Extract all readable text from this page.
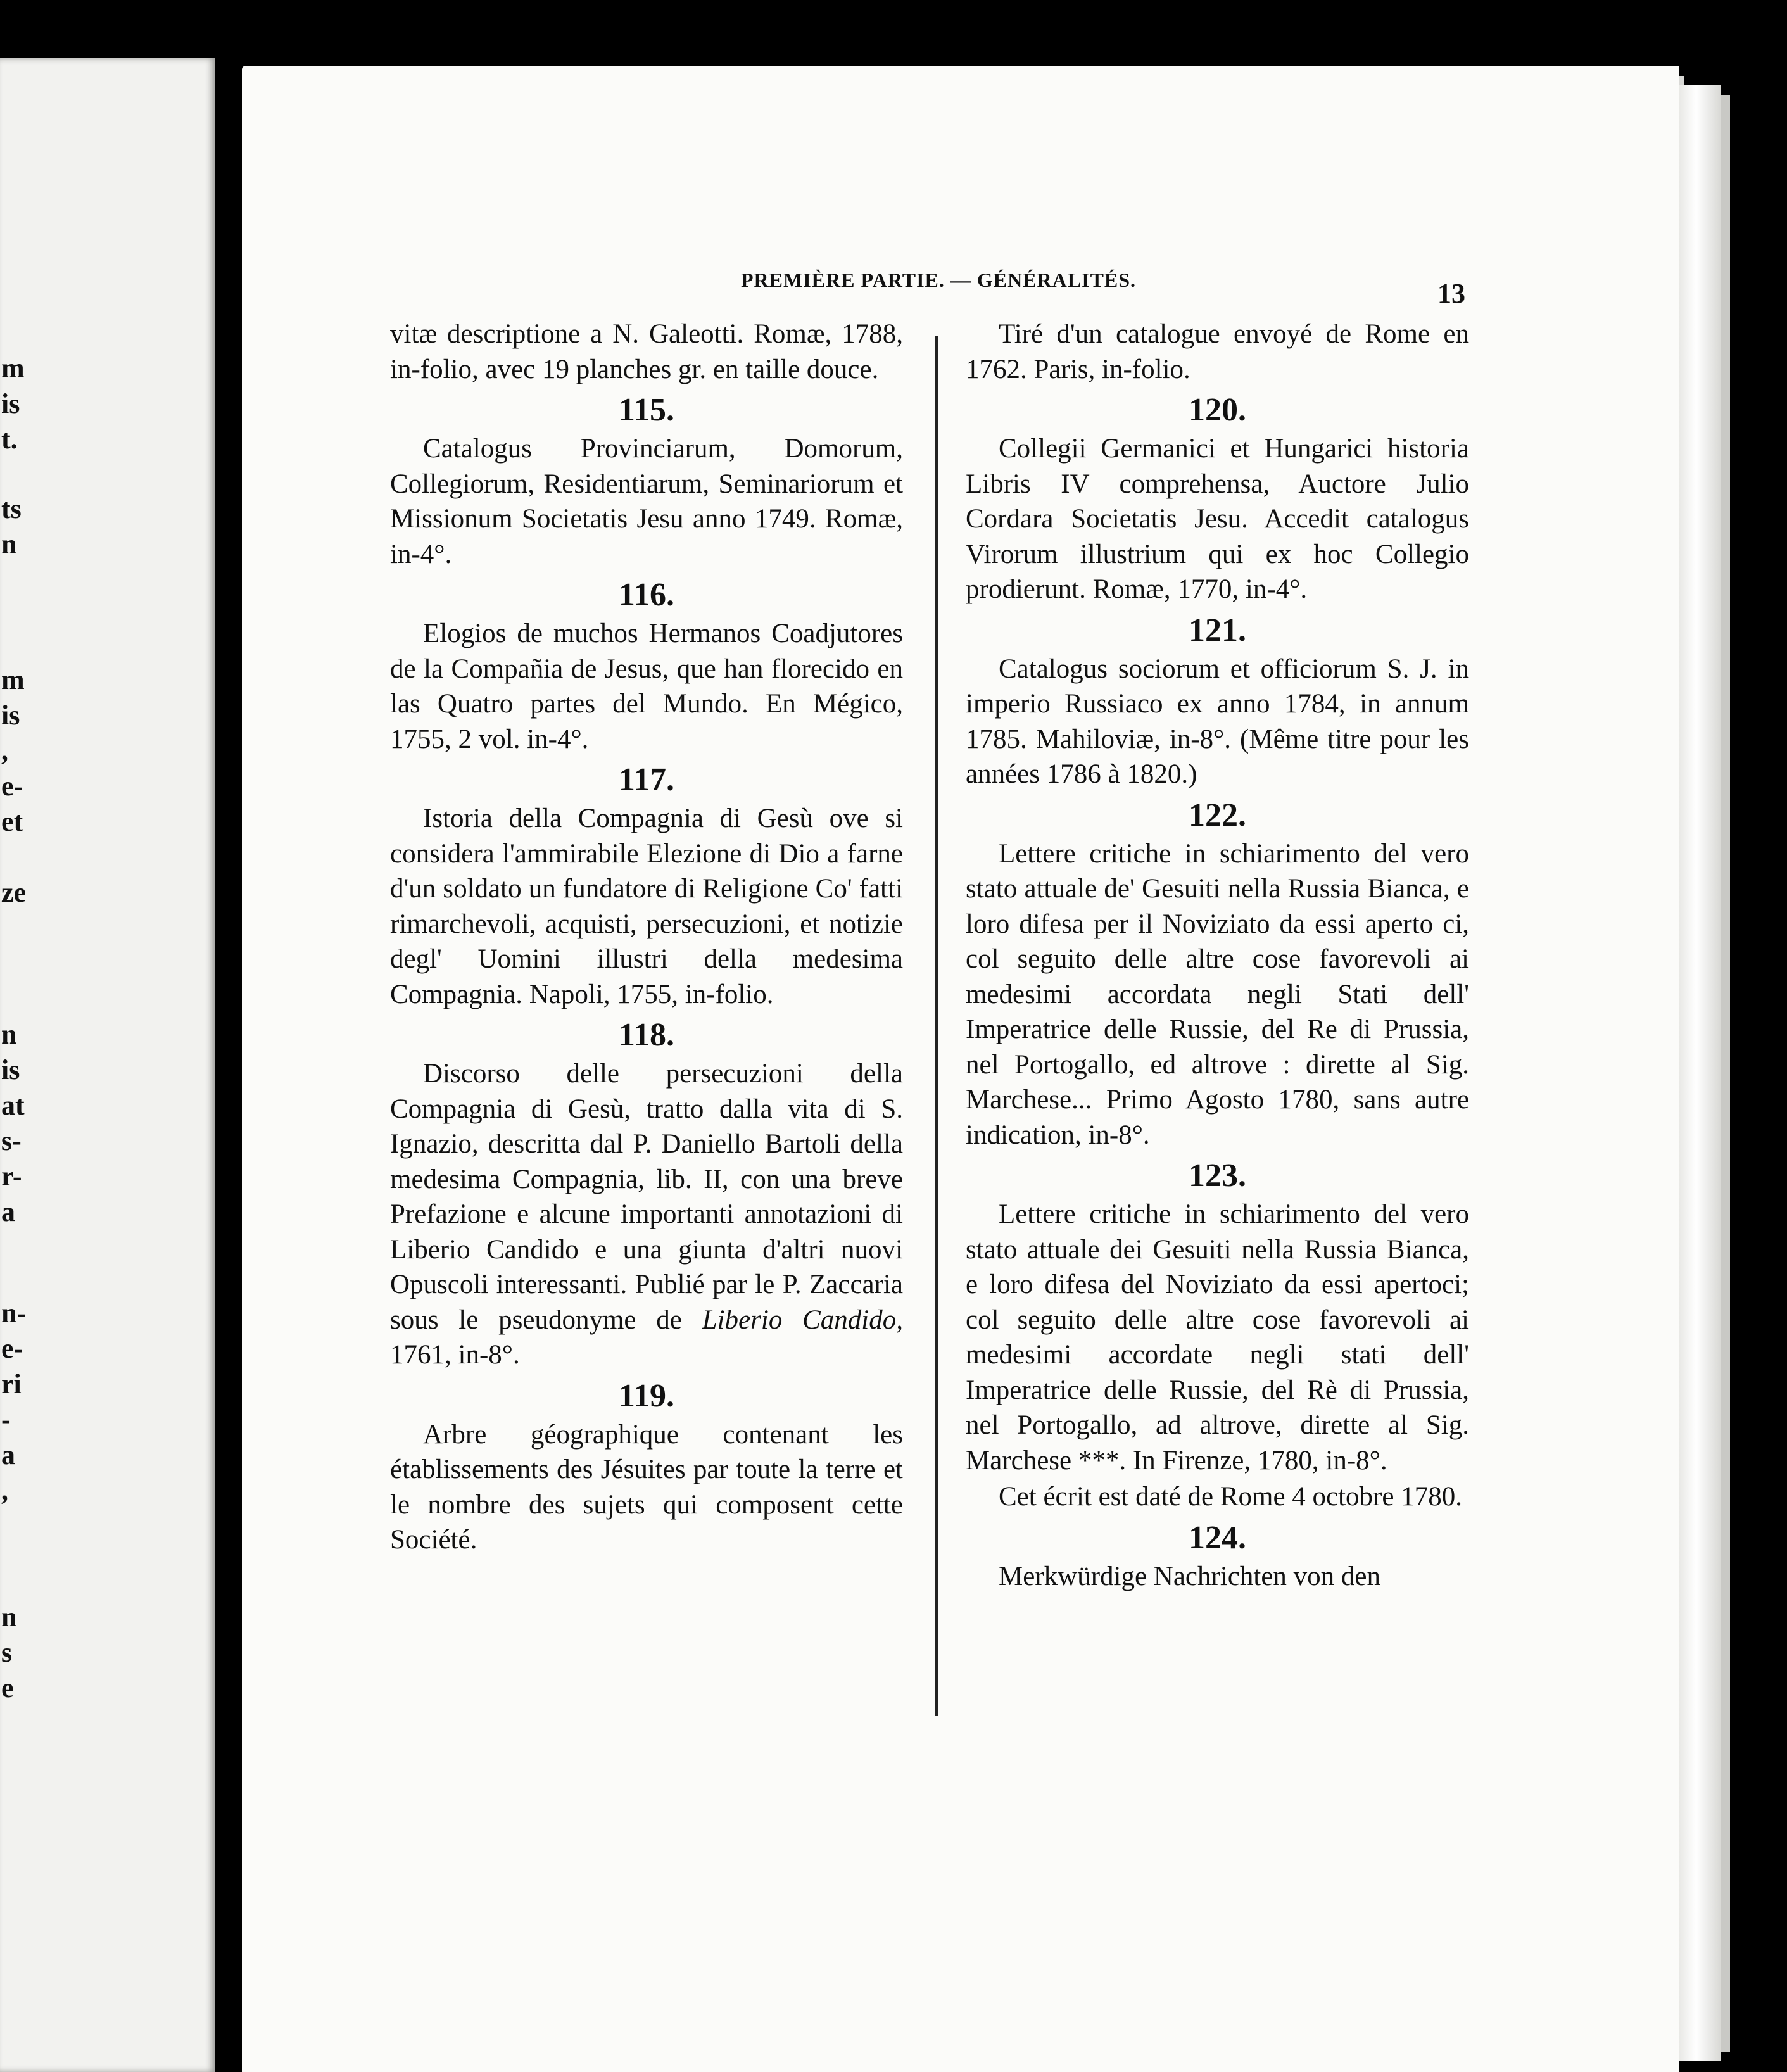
m
is
t.
ts
n
m
is
,
e-
et
ze
n
is
at
s-
r-
a
n-
e-
ri
-
a
,
n
s
e
PREMIÈRE PARTIE. — GÉNÉRALITÉS.	13

vitæ descriptione a N. Galeotti. Romæ, 1788, in-folio, avec 19 planches gr. en taille douce.

115.

Catalogus Provinciarum, Domorum, Collegiorum, Residentiarum, Seminariorum et Missionum Societatis Jesu anno 1749. Romæ, in-4°.

116.

Elogios de muchos Hermanos Coadjutores de la Compañia de Jesus, que han florecido en las Quatro partes del Mundo. En Mégico, 1755, 2 vol. in-4°.

117.

Istoria della Compagnia di Gesù ove si considera l'ammirabile Elezione di Dio a farne d'un soldato un fundatore di Religione Co' fatti rimarchevoli, acquisti, persecuzioni, et notizie degl' Uomini illustri della medesima Compagnia. Napoli, 1755, in-folio.

118.

Discorso delle persecuzioni della Compagnia di Gesù, tratto dalla vita di S. Ignazio, descritta dal P. Daniello Bartoli della medesima Compagnia, lib. II, con una breve Prefazione e alcune importanti annotazioni di Liberio Candido e una giunta d'altri nuovi Opuscoli interessanti. Publié par le P. Zaccaria sous le pseudonyme de Liberio Candido, 1761, in-8°.

119.

Arbre géographique contenant les établissements des Jésuites par toute la terre et le nombre des sujets qui composent cette Société.

Tiré d'un catalogue envoyé de Rome en 1762. Paris, in-folio.

120.

Collegii Germanici et Hungarici historia Libris IV comprehensa, Auctore Julio Cordara Societatis Jesu. Accedit catalogus Virorum illustrium qui ex hoc Collegio prodierunt. Romæ, 1770, in-4°.

121.

Catalogus sociorum et officiorum S. J. in imperio Russiaco ex anno 1784, in annum 1785. Mahiloviæ, in-8°. (Même titre pour les années 1786 à 1820.)

122.

Lettere critiche in schiarimento del vero stato attuale de' Gesuiti nella Russia Bianca, e loro difesa per il Noviziato da essi aperto ci, col seguito delle altre cose favorevoli ai medesimi accordata negli Stati dell' Imperatrice delle Russie, del Re di Prussia, nel Portogallo, ed altrove : dirette al Sig. Marchese... Primo Agosto 1780, sans autre indication, in-8°.

123.

Lettere critiche in schiarimento del vero stato attuale dei Gesuiti nella Russia Bianca, e loro difesa del Noviziato da essi apertoci; col seguito delle altre cose favorevoli ai medesimi accordate negli stati dell' Imperatrice delle Russie, del Rè di Prussia, nel Portogallo, ad altrove, dirette al Sig. Marchese ***. In Firenze, 1780, in-8°.

Cet écrit est daté de Rome 4 octobre 1780.

124.

Merkwürdige Nachrichten von den
